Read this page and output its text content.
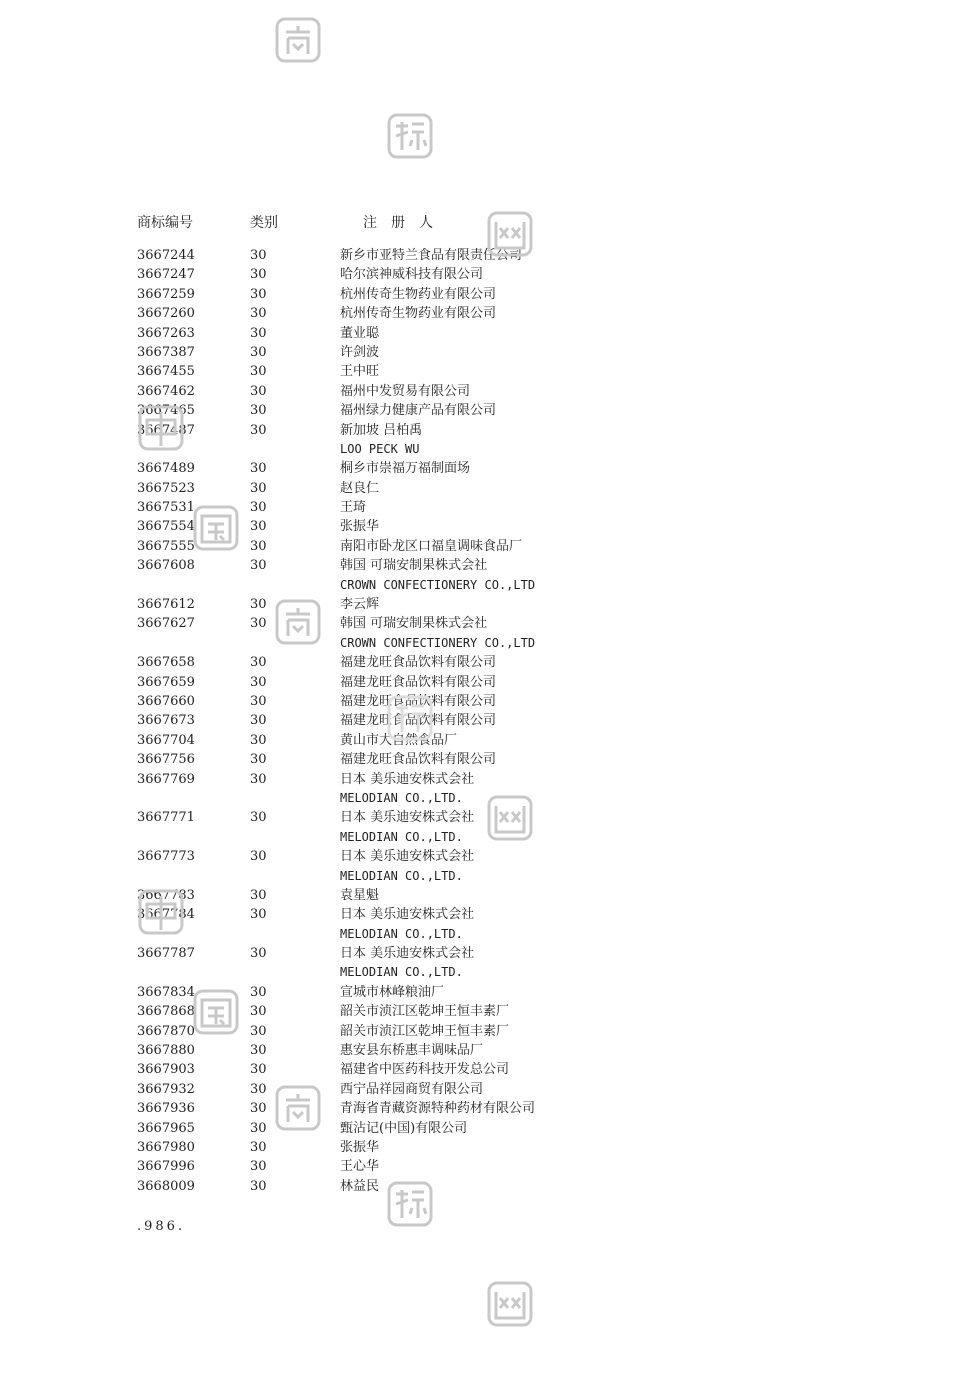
商标编号	类别	注　册　人
3667244	30	新乡市亚特兰食品有限责任公司
3667247	30	哈尔滨神威科技有限公司
3667259	30	杭州传奇生物药业有限公司
3667260	30	杭州传奇生物药业有限公司
3667263	30	董业聪
3667387	30	许剑波
3667455	30	王中旺
3667462	30	福州中发贸易有限公司
3667465	30	福州绿力健康产品有限公司
3667487	30	新加坡 吕柏禹
LOO PECK WU
3667489	30	桐乡市崇福万福制面场
3667523	30	赵良仁
3667531	30	王琦
3667554	30	张振华
3667555	30	南阳市卧龙区口福皇调味食品厂
3667608	30	韩国 可瑞安制果株式会社
CROWN CONFECTIONERY CO.,LTD
3667612	30	李云辉
3667627	30	韩国 可瑞安制果株式会社
CROWN CONFECTIONERY CO.,LTD
3667658	30	福建龙旺食品饮料有限公司
3667659	30	福建龙旺食品饮料有限公司
3667660	30	福建龙旺食品饮料有限公司
3667673	30	福建龙旺食品饮料有限公司
3667704	30	黄山市大自然食品厂
3667756	30	福建龙旺食品饮料有限公司
3667769	30	日本 美乐迪安株式会社
MELODIAN CO.,LTD.
3667771	30	日本 美乐迪安株式会社
MELODIAN CO.,LTD.
3667773	30	日本 美乐迪安株式会社
MELODIAN CO.,LTD.
3667783	30	袁星魁
3667784	30	日本 美乐迪安株式会社
MELODIAN CO.,LTD.
3667787	30	日本 美乐迪安株式会社
MELODIAN CO.,LTD.
3667834	30	宣城市林峰粮油厂
3667868	30	韶关市浈江区乾坤王恒丰素厂
3667870	30	韶关市浈江区乾坤王恒丰素厂
3667880	30	惠安县东桥惠丰调味品厂
3667903	30	福建省中医药科技开发总公司
3667932	30	西宁品祥园商贸有限公司
3667936	30	青海省青藏资源特种药材有限公司
3667965	30	甄沾记(中国)有限公司
3667980	30	张振华
3667996	30	王心华
3668009	30	林益民
.986.
